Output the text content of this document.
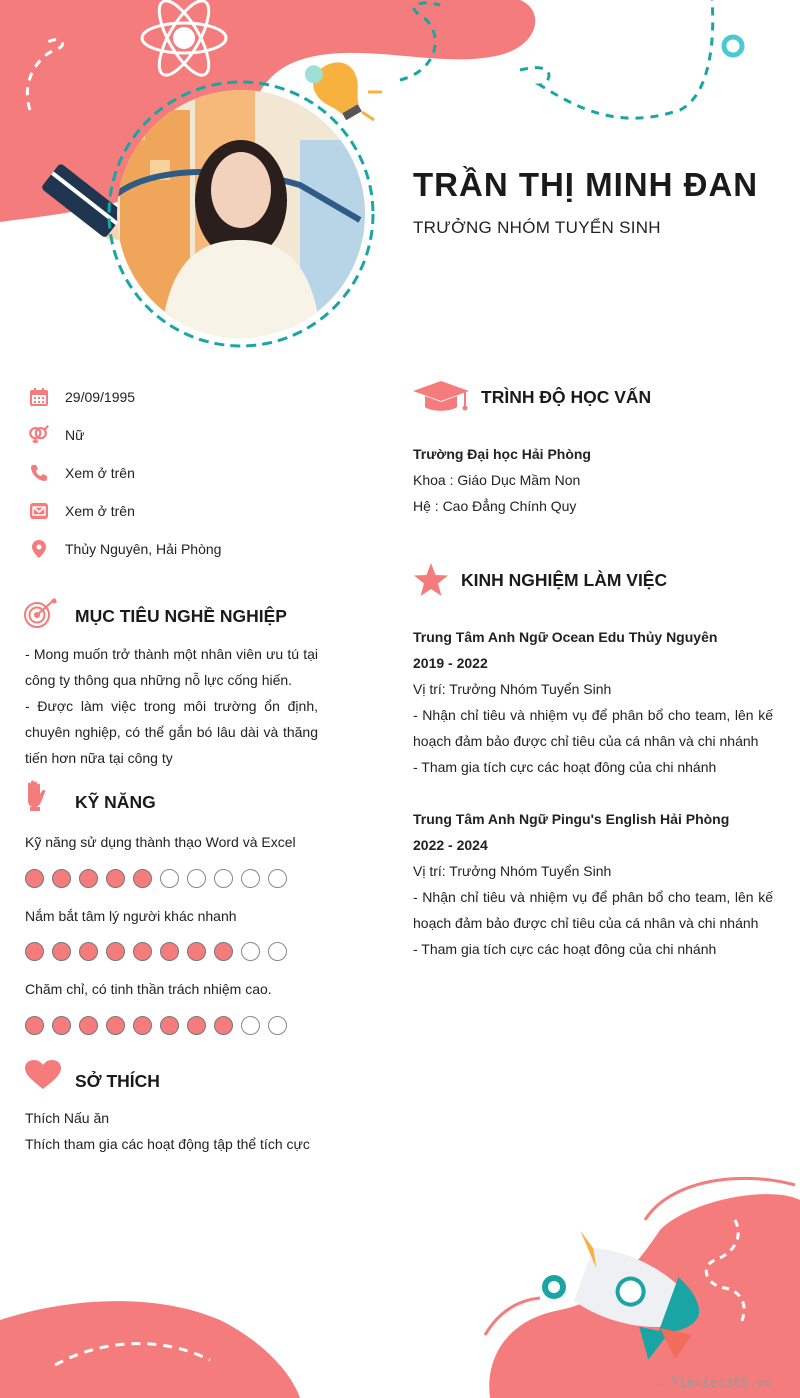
TRẦN THỊ MINH ĐAN
TRƯỞNG NHÓM TUYỂN SINH
29/09/1995
Nữ
Xem ở trên
Xem ở trên
Thủy Nguyên, Hải Phòng
MỤC TIÊU NGHỀ NGHIỆP
- Mong muốn trở thành một nhân viên ưu tú tại công ty thông qua những nỗ lực cống hiến.
- Được làm việc trong môi trường ổn định, chuyên nghiệp, có thể gắn bó lâu dài và thăng tiến hơn nữa tại công ty
KỸ NĂNG
Kỹ năng sử dụng thành thạo Word và Excel
Nắm bắt tâm lý người khác nhanh
Chăm chỉ, có tinh thần trách nhiệm cao.
SỞ THÍCH
Thích Nấu ăn
Thích tham gia các hoạt động tập thể tích cực
TRÌNH ĐỘ HỌC VẤN
Trường Đại học Hải Phòng
Khoa : Giáo Dục Mầm Non
Hệ : Cao Đẳng Chính Quy
KINH NGHIỆM LÀM VIỆC
Trung Tâm Anh Ngữ Ocean Edu Thủy Nguyên
2019 - 2022
Vị trí: Trưởng Nhóm Tuyển Sinh
- Nhận chỉ tiêu và nhiệm vụ để phân bổ cho team, lên kế hoạch đảm bảo được chỉ tiêu của cá nhân và chi nhánh
- Tham gia tích cực các hoạt đông của chi nhánh
Trung Tâm Anh Ngữ Pingu's English Hải Phòng
2022 - 2024
Vị trí: Trưởng Nhóm Tuyển Sinh
- Nhận chỉ tiêu và nhiệm vụ để phân bổ cho team, lên kế hoạch đảm bảo được chỉ tiêu của cá nhân và chi nhánh
- Tham gia tích cực các hoạt đông của chi nhánh
∴ Timviec365.vn
